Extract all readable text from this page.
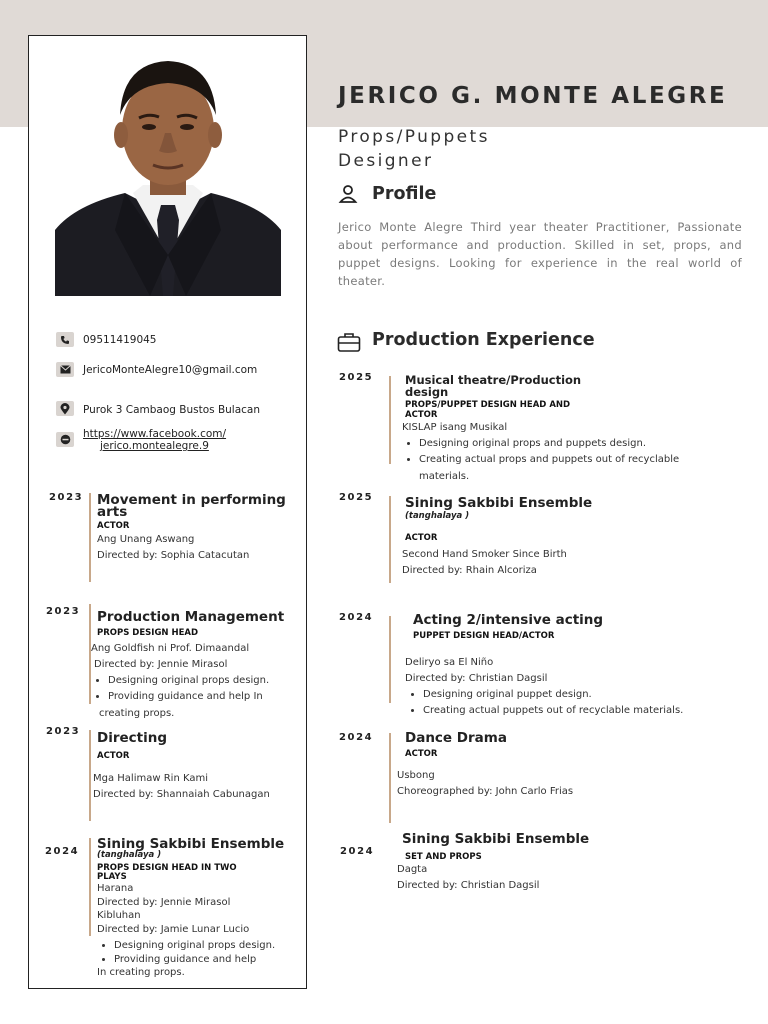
JERICO G. MONTE ALEGRE
Props/Puppets
Designer
Profile
Jerico Monte Alegre Third year theater Practitioner, Passionate about performance and production. Skilled in set, props, and puppet designs. Looking for experience in the real world of theater.
Production Experience
09511419045
JericoMonteAlegre10@gmail.com
Purok 3 Cambaog Bustos Bulacan
https://www.facebook.com/
jerico.montealegre.9
2023 Movement in performing
arts
ACTOR
Ang Unang Aswang
Directed by: Sophia Catacutan
2023 Production Management
PROPS DESIGN HEAD
Ang Goldfish ni Prof. Dimaandal
Directed by: Jennie Mirasol
• Designing original props design.
• Providing guidance and help In
creating props.
2023 Directing
ACTOR
Mga Halimaw Rin Kami
Directed by: Shannaiah Cabunagan
2024 Sining Sakbibi Ensemble
(tanghalaya )
PROPS DESIGN HEAD IN TWO
PLAYS
Harana
Directed by: Jennie Mirasol
Kibluhan
Directed by: Jamie Lunar Lucio
• Designing original props design.
• Providing guidance and help
In creating props.
2025	Musical theatre/Production
design
PROPS/PUPPET DESIGN HEAD AND
ACTOR
KISLAP isang Musikal
• Designing original props and puppets design.
• Creating actual props and puppets out of recyclable
materials.
2025 Sining Sakbibi Ensemble
(tanghalaya )
ACTOR
Second Hand Smoker Since Birth
Directed by: Rhain Alcoriza
2024	Acting 2/intensive acting
PUPPET DESIGN HEAD/ACTOR
Deliryo sa El Niño
Directed by: Christian Dagsil
• Designing original puppet design.
• Creating actual puppets out of recyclable materials.
2024 Dance Drama
ACTOR
Usbong
Choreographed by: John Carlo Frias
2024
Sining Sakbibi Ensemble
SET AND PROPS
Dagta
Directed by: Christian Dagsil
